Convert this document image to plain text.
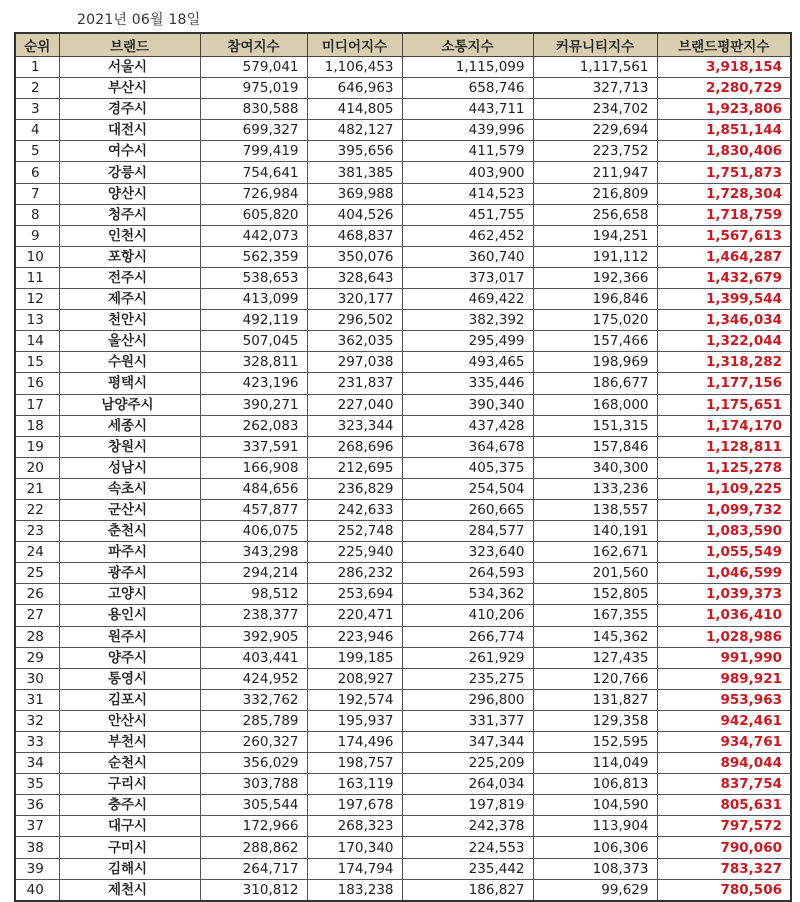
2021년 06월 18일
순위	브랜드	참여지수	미디어지수	소통지수	커뮤니티지수	브랜드평판지수
1	서울시	579,041	1,106,453	1,115,099	1,117,561	3,918,154
2	부산시	975,019	646,963	658,746	327,713	2,280,729
3	경주시	830,588	414,805	443,711	234,702	1,923,806
4	대전시	699,327	482,127	439,996	229,694	1,851,144
5	여수시	799,419	395,656	411,579	223,752	1,830,406
6	강릉시	754,641	381,385	403,900	211,947	1,751,873
7	양산시	726,984	369,988	414,523	216,809	1,728,304
8	청주시	605,820	404,526	451,755	256,658	1,718,759
9	인천시	442,073	468,837	462,452	194,251	1,567,613
10	포항시	562,359	350,076	360,740	191,112	1,464,287
11	전주시	538,653	328,643	373,017	192,366	1,432,679
12	제주시	413,099	320,177	469,422	196,846	1,399,544
13	천안시	492,119	296,502	382,392	175,020	1,346,034
14	울산시	507,045	362,035	295,499	157,466	1,322,044
15	수원시	328,811	297,038	493,465	198,969	1,318,282
16	평택시	423,196	231,837	335,446	186,677	1,177,156
17	남양주시	390,271	227,040	390,340	168,000	1,175,651
18	세종시	262,083	323,344	437,428	151,315	1,174,170
19	창원시	337,591	268,696	364,678	157,846	1,128,811
20	성남시	166,908	212,695	405,375	340,300	1,125,278
21	속초시	484,656	236,829	254,504	133,236	1,109,225
22	군산시	457,877	242,633	260,665	138,557	1,099,732
23	춘천시	406,075	252,748	284,577	140,191	1,083,590
24	파주시	343,298	225,940	323,640	162,671	1,055,549
25	광주시	294,214	286,232	264,593	201,560	1,046,599
26	고양시	98,512	253,694	534,362	152,805	1,039,373
27	용인시	238,377	220,471	410,206	167,355	1,036,410
28	원주시	392,905	223,946	266,774	145,362	1,028,986
29	양주시	403,441	199,185	261,929	127,435	991,990
30	통영시	424,952	208,927	235,275	120,766	989,921
31	김포시	332,762	192,574	296,800	131,827	953,963
32	안산시	285,789	195,937	331,377	129,358	942,461
33	부천시	260,327	174,496	347,344	152,595	934,761
34	순천시	356,029	198,757	225,209	114,049	894,044
35	구리시	303,788	163,119	264,034	106,813	837,754
36	충주시	305,544	197,678	197,819	104,590	805,631
37	대구시	172,966	268,323	242,378	113,904	797,572
38	구미시	288,862	170,340	224,553	106,306	790,060
39	김해시	264,717	174,794	235,442	108,373	783,327
40	제천시	310,812	183,238	186,827	99,629	780,506
